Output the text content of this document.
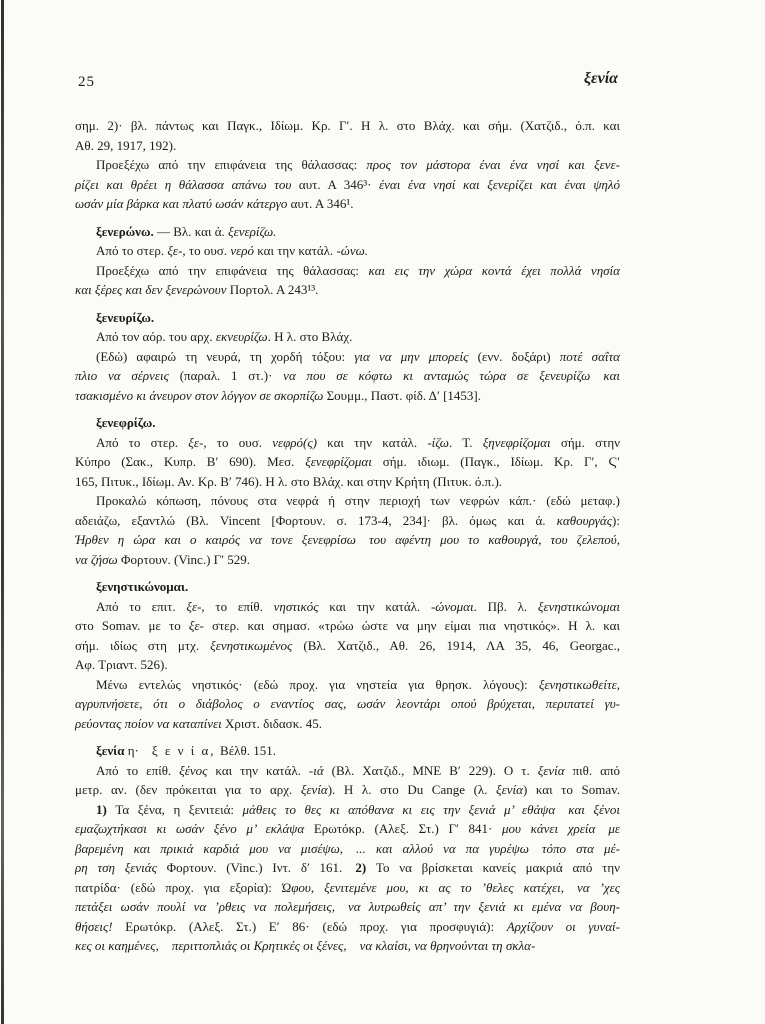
25	ξενία
σημ. 2)· βλ. πάντως και Παγκ., Ιδίωμ. Κρ. Γ′. Η λ. στο Βλάχ. και σήμ. (Χατζιδ., ό.π. και
Αθ. 29, 1917, 192).
Προεξέχω από την επιφάνεια της θάλασσας: προς τον μάστορα έναι ένα νησί και ξενε-
ρίζει και θρέει η θάλασσα απάνω του αυτ. Α 346³· έναι ένα νησί και ξενερίζει και έναι ψηλό
ωσάν μία βάρκα και πλατύ ωσάν κάτεργο αυτ. Α 346¹.
ξενερώνω. — Βλ. και ά. ξενερίζω.
Από το στερ. ξε-, το ουσ. νερό και την κατάλ. -ώνω.
Προεξέχω από την επιφάνεια της θάλασσας: και εις την χώρα κοντά έχει πολλά νησία
και ξέρες και δεν ξενερώνουν Πορτολ. Α 243¹³.
ξενευρίζω.
Από τον αόρ. του αρχ. εκνευρίζω. Η λ. στο Βλάχ.
(Εδώ) αφαιρώ τη νευρά, τη χορδή τόξου: για να μην μπορείς (ενν. δοξάρι) ποτέ σαΐτα
πλιο να σέρνεις (παραλ. 1 στ.)· να που σε κόφτω κι ανταμώς τώρα σε ξενευρίζω  και
τσακισμένο κι άνευρον στον λόγγον σε σκορπίζω Σουμμ., Παστ. φίδ. Δ′ [1453].
ξενεφρίζω.
Από το στερ. ξε-, το ουσ. νεφρό(ς) και την κατάλ. -ίζω. Τ. ξηνεφρίζομαι σήμ. στην
Κύπρο (Σακ., Κυπρ. Β′ 690). Μεσ. ξενεφρίζομαι σήμ. ιδιωμ. (Παγκ., Ιδίωμ. Κρ. Γ′, Ϛ′
165, Πιτυκ., Ιδίωμ. Αν. Κρ. Β′ 746). Η λ. στο Βλάχ. και στην Κρήτη (Πιτυκ. ό.π.).
Προκαλώ κόπωση, πόνους στα νεφρά ή στην περιοχή των νεφρών κάπ.· (εδώ μεταφ.)
αδειάζω, εξαντλώ (Βλ. Vincent [Φορτουν. σ. 173-4, 234]· βλ. όμως και ά. καθουργάς):
Ήρθεν η ώρα και ο καιρός να τονε ξενεφρίσω  του αφέντη μου το καθουργά, του ζελεπού,
να ζήσω Φορτουν. (Vinc.) Γ′ 529.
ξενηστικώνομαι.
Από το επιτ. ξε-, το επίθ. νηστικός και την κατάλ. -ώνομαι. Πβ. λ. ξενηστικώνομαι
στο Somav. με το ξε- στερ. και σημασ. «τρώω ώστε να μην είμαι πια νηστικός». Η λ. και
σήμ. ιδίως στη μτχ. ξενηστικωμένος (Βλ. Χατζιδ., Αθ. 26, 1914, ΛΑ 35, 46, Georgac.,
Αφ. Τριαντ. 526).
Μένω εντελώς νηστικός· (εδώ προχ. για νηστεία για θρησκ. λόγους): ξενηστικωθείτε,
αγρυπνήσετε, ότι ο διάβολος ο εναντίος σας, ωσάν λεοντάρι οπού βρύχεται, περιπατεί γυ-
ρεύοντας ποίον να καταπίνει Χριστ. διδασκ. 45.
ξενία η·  ξ ε ν ί α,  Βέλθ. 151.
Από το επίθ. ξένος και την κατάλ. -ιά (Βλ. Χατζιδ., ΜΝΕ Β′ 229). Ο τ. ξενία πιθ. από
μετρ. αν. (δεν πρόκειται για το αρχ. ξενία). Η λ. στο Du Cange (λ. ξενία) και το Somav.
1) Τα ξένα, η ξενιτειά: μάθεις το θες κι απόθανα κι εις την ξενιά μ’ εθάψα  και ξένοι
εμαζωχτήκασι κι ωσάν ξένο μ’ εκλάψα Ερωτόκρ. (Αλεξ. Στ.) Γ′ 841· μου κάνει χρεία  με
βαρεμένη και πρικιά καρδιά μου να μισέψω,  ... και αλλού να πα γυρέψω  τόπο στα μέ-
ρη τση ξενιάς Φορτουν. (Vinc.) Ιντ. δ′ 161.  2) Το να βρίσκεται κανείς μακριά από την
πατρίδα· (εδώ προχ. για εξορία): Ώφου, ξενιτεμένε μου, κι ας το ’θελες κατέχει,  να ’χες
πετάξει ωσάν πουλί να ’ρθεις να πολεμήσεις,  να λυτρωθείς απ’ την ξενιά κι εμένα να βουη-
θήσεις! Ερωτόκρ. (Αλεξ. Στ.) Ε′ 86·  (εδώ προχ. για προσφυγιά): Αρχίζουν οι γυναί-
κες οι καημένες,  περιττοπλιάς οι Κρητικές οι ξένες,  να κλαίσι, να θρηνούνται τη σκλα-
